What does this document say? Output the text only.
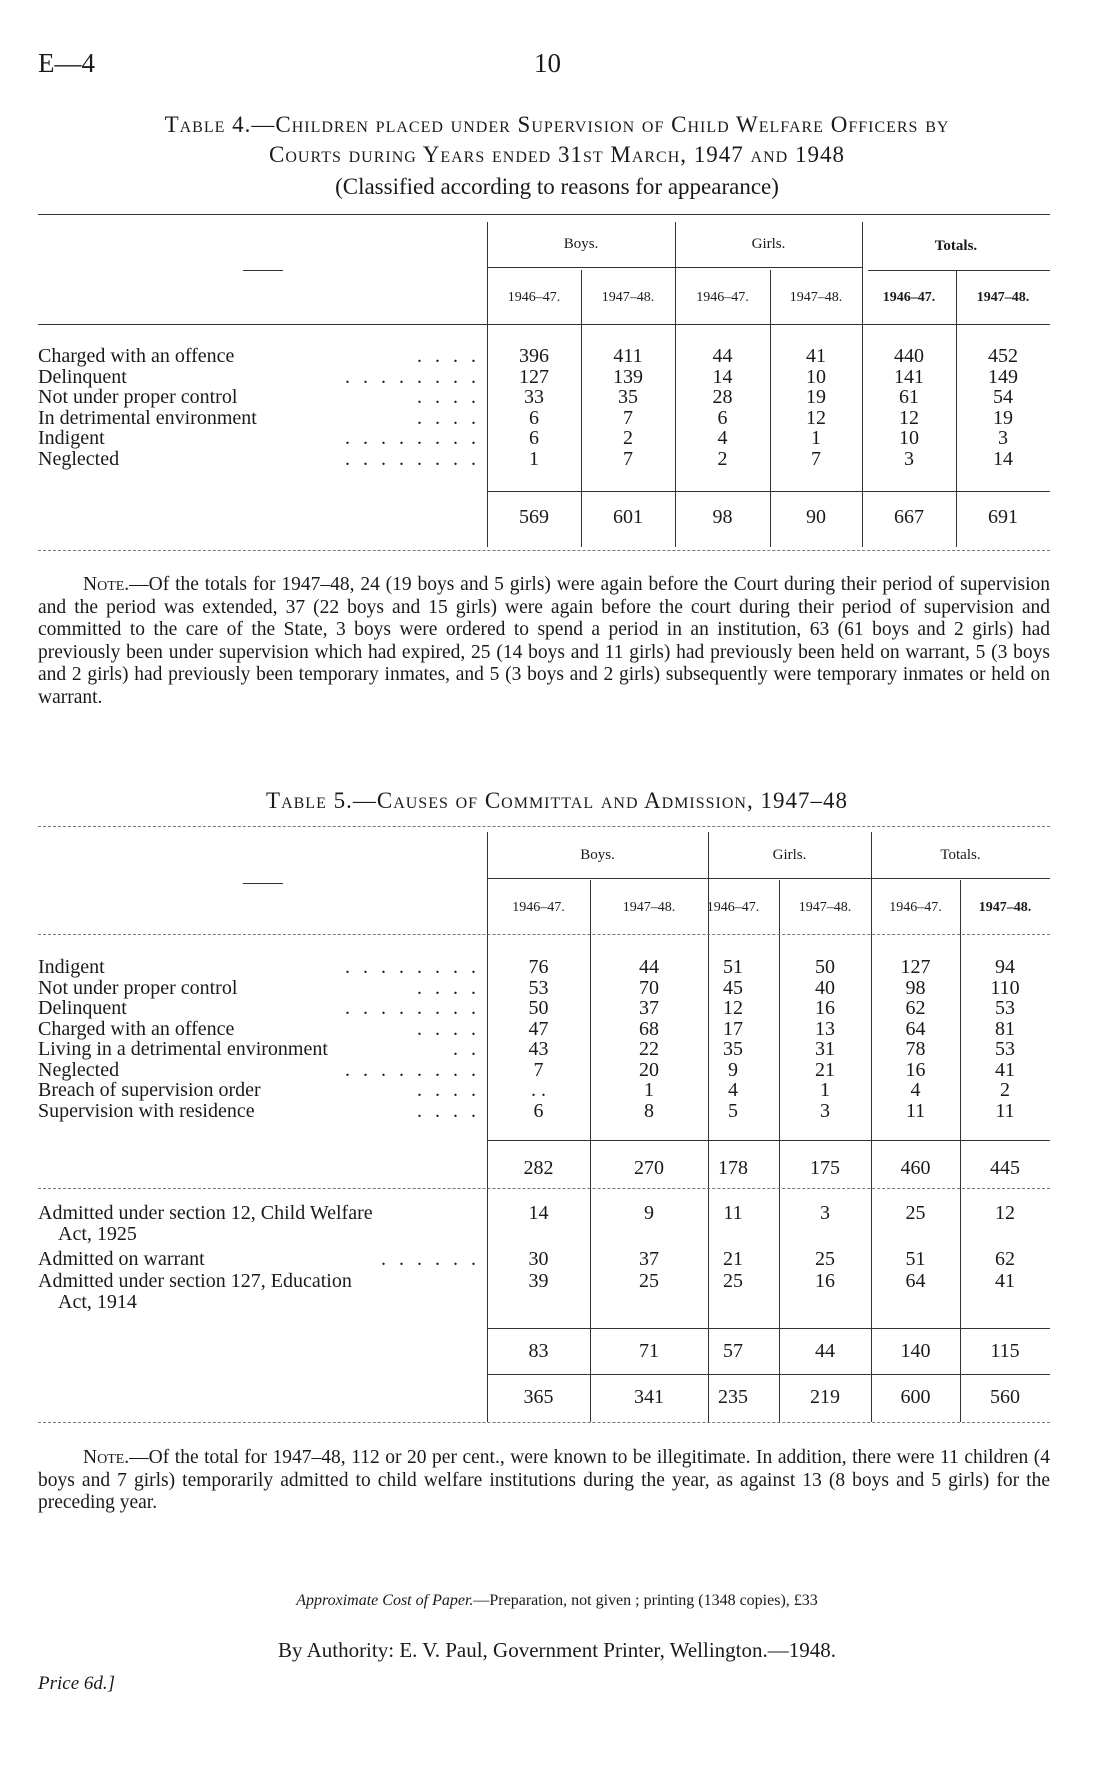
E—4	10
Table 4.—Children placed under Supervision of Child Welfare Officers by
Courts during Years ended 31st March, 1947 and 1948
(Classified according to reasons for appearance)
Boys.	Girls.	Totals.
1946–47.	1947–48.	1946–47.	1947–48.	1946–47.	1947–48.
Charged with an offence	. . . .	396	411	44	41	440	452
Delinquent	. . . . . . . .	127	139	14	10	141	149
Not under proper control	. . . .	33	35	28	19	61	54
In detrimental environment	. . . .	6	7	6	12	12	19
Indigent	. . . . . . . .	6	2	4	1	10	3
Neglected	. . . . . . . .	1	7	2	7	3	14
569	601	98	90	667	691
Note.—Of the totals for 1947–48, 24 (19 boys and 5 girls) were again before the Court during their period of supervision and the period was extended, 37 (22 boys and 15 girls) were again before the court during their period of supervision and committed to the care of the State, 3 boys were ordered to spend a period in an institution, 63 (61 boys and 2 girls) had previously been under supervision which had expired, 25 (14 boys and 11 girls) had previously been held on warrant, 5 (3 boys and 2 girls) had previously been temporary inmates, and 5 (3 boys and 2 girls) subsequently were temporary inmates or held on warrant.
Table 5.—Causes of Committal and Admission, 1947–48
Boys.	Girls.	Totals.
1946–47.	1947–48.	1946–47.	1947–48.	1946–47.	1947–48.
Indigent	. . . . . . . .	76	44	51	50	127	94
Not under proper control	. . . .	53	70	45	40	98	110
Delinquent	. . . . . . . .	50	37	12	16	62	53
Charged with an offence	. . . .	47	68	17	13	64	81
Living in a detrimental environment	. .	43	22	35	31	78	53
Neglected	. . . . . . . .	7	20	9	21	16	41
Breach of supervision order	. . . .	. .	1	4	1	4	2
Supervision with residence	. . . .	6	8	5	3	11	11
282	270	178	175	460	445
Admitted under section 12, Child Welfare
Act, 1925
14	9	11	3	25	12
Admitted on warrant	. . . . . .	30	37	21	25	51	62
Admitted under section 127, Education
Act, 1914
39	25	25	16	64	41
83	71	57	44	140	115
365	341	235	219	600	560
Note.—Of the total for 1947–48, 112 or 20 per cent., were known to be illegitimate. In addition, there were 11 children (4 boys and 7 girls) temporarily admitted to child welfare institutions during the year, as against 13 (8 boys and 5 girls) for the preceding year.
Approximate Cost of Paper.—Preparation, not given ; printing (1348 copies), £33
By Authority: E. V. Paul, Government Printer, Wellington.—1948.
Price 6d.]
